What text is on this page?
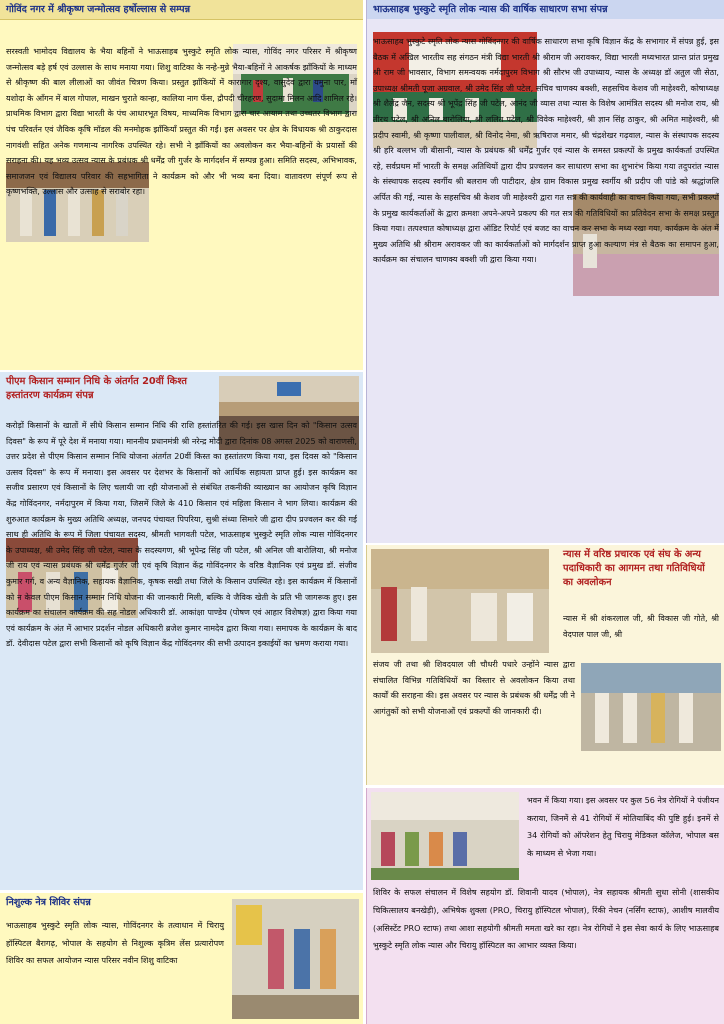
गोविंद नगर में श्रीकृष्ण जन्मोत्सव हर्षोल्लास से सम्पन्न
सरस्वती भामोदय विद्यालय के भैया बहिनों ने भाऊसाहब भुस्कुटे स्मृति लोक न्यास, गोविंद नगर परिसर में श्रीकृष्ण जन्मोत्सव बड़े हर्ष एवं उल्लास के साथ मनाया गया। शिशु वाटिका के नन्हे-मुन्ने भैया-बहिनों ने आकर्षक झाँकियों के माध्यम से श्रीकृष्ण की बाल लीलाओं का जीवंत चित्रण किया। प्रस्तुत झाँकियों में कारागार दृश्य, वासुदेव द्वारा यमुना पार, माँ यशोदा के आँगन में बाल गोपाल, माखन चुराते कान्हा, कालिया नाग फँस, द्रौपदी चीरहरण, सुदामा मिलन आदि शामिल रहे। प्राथमिक विभाग द्वारा विद्या भारती के पंच आधारभूत विषय, माध्यमिक विभाग द्वारा चार आयाम तथा उच्चतर विभाग द्वारा पंच परिवर्तन एवं जैविक कृषि मॉडल की मनमोहक झाँकियाँ प्रस्तुत की गईं। इस अवसर पर क्षेत्र के विधायक श्री ठाकुरदास नागवंशी सहित अनेक गणमान्य नागरिक उपस्थित रहे। सभी ने झाँकियों का अवलोकन कर भैया-बहिनों के प्रयासों की सराहना की। यह भव्य उत्सव न्यास के प्रबंधक श्री धर्मेंद्र जी गुर्जर के मार्गदर्शन में सम्पन्न हुआ। समिति सदस्य, अभिभावक, समाजजन एवं विद्यालय परिवार की सहभागिता ने कार्यक्रम को और भी भव्य बना दिया। वातावरण संपूर्ण रूप से कृष्णभक्ति, उल्लास और उत्साह से सराबोर रहा।
पीएम किसान सम्मान निधि के अंतर्गत 20वीं किश्त हस्तांतरण कार्यक्रम संपन्न
करोड़ों किसानों के खातों में सीधे किसान सम्मान निधि की राशि हस्तांतरित की गई। इस खास दिन को "किसान उत्सव दिवस" के रूप में पूरे देश में मनाया गया। माननीय प्रधानमंत्री श्री नरेन्द्र मोदी द्वारा दिनांक 08 अगस्त 2025 को वाराणसी, उत्तर प्रदेश से पीएम किसान सम्मान निधि योजना अंतर्गत 20वीं किस्त का हस्तांतरण किया गया, इस दिवस को "किसान उत्सव दिवस" के रूप में मनाया। इस अवसर पर देशभर के किसानों को आर्थिक सहायता प्राप्त हुई। इस कार्यक्रम का सजीव प्रसारण एवं किसानों के लिए चलायी जा रही योजनाओं से संबंधित तकनीकी व्याख्यान का आयोजन कृषि विज्ञान केंद्र गोविंदनगर, नर्मदापुरम में किया गया, जिसमें जिले के 410 किसान एवं महिला किसान ने भाग लिया। कार्यक्रम की शुरुआत कार्यक्रम के मुख्य अतिथि अध्यक्ष, जनपद पंचायत पिपरिया, सुश्री संध्या सिमारे जी द्वारा दीप प्रज्वलन कर की गई साथ ही अतिथि के रूप में जिला पंचायत सदस्य, श्रीमती भागवती पटेल, भाऊसाहब भुस्कुटे स्मृति लोक न्यास गोविंदनगर के उपाध्यक्ष, श्री उमेद सिंह जी पटेल, न्यास के सदस्यगण, श्री भूपेन्द्र सिंह जी पटेल, श्री अनिल जी बारोलिया, श्री मनोज जी राय एवं न्यास प्रबंधक श्री धर्मेंद्र गुर्जर जी एवं कृषि विज्ञान केंद्र गोविंदनगर के वरिष्ठ वैज्ञानिक एवं प्रमुख डॉ. संजीव कुमार गर्ग, व अन्य वैज्ञानिक, सहायक वैज्ञानिक, कृषक सखी तथा जिले के किसान उपस्थित रहे। इस कार्यक्रम में किसानों को न केवल पीएम किसान सम्मान निधि योजना की जानकारी मिली, बल्कि वे जैविक खेती के प्रति भी जागरूक हुए। इस कार्यक्रम का संचालन कार्यक्रम की सह नोडल अधिकारी डॉ. आकांक्षा पाण्डेय (पोषण एवं आहार विशेषज्ञ) द्वारा किया गया एवं कार्यक्रम के अंत में आभार प्रदर्शन नोडल अधिकारी ब्रजेश कुमार नामदेव द्वारा किया गया। समापक के कार्यक्रम के बाद डॉ. देवीदास पटेल द्वारा सभी किसानों को कृषि विज्ञान केंद्र गोविंदनगर की सभी उत्पादन इकाईयों का भ्रमण कराया गया।
निशुल्क नेत्र शिविर संपन्न
भाऊसाहब भुस्कुटे स्मृति लोक न्यास, गोविंदनगर के तत्वाधान में चिरायु हॉस्पिटल बैरागढ़, भोपाल के सहयोग से निशुल्क कृत्रिम लेंस प्रत्यारोपण शिविर का सफल आयोजन न्यास परिसर नवीन शिशु वाटिका
भाऊसाहब भुस्कुटे स्मृति लोक न्यास की वार्षिक साधारण सभा संपन्न
भाऊसाहब भुस्कुटे स्मृति लोक न्यास गोविंदनगर की वार्षिक साधारण सभा कृषि विज्ञान केंद्र के सभागार में संपन्न हुई, इस बैठक में अखिल भारतीय सह संगठन मंत्री विद्या भारती श्री श्रीराम जी अरावकर, विद्या भारती मध्यभारत प्रान्त प्रांत प्रमुख श्री राम जी भावसार, विभाग समन्वयक नर्मदापुरम विभाग श्री सौरभ जी उपाध्याय, न्यास के अध्यक्ष डॉ अतुल जी सेठा, उपाध्यक्ष श्रीमती पूजा अग्रवाल, श्री उमेद सिंह जी पटेल, सचिव चाणक्य बक्शी, सहसचिव केशव जी माहेश्वरी, कोषाध्यक्ष श्री शैलेंद्र जैन, सदस्य श्री भूपेंद्र सिंह जी पटेल, आनंद जी व्यास तथा न्यास के विशेष आमंत्रित सदस्य श्री मनोज राय, श्री तीरथ पटेल, श्री अनिल बारोलिया, श्री ललित पटेल, श्री विवेक माहेश्वरी, श्री ज्ञान सिंह ठाकुर, श्री अमित माहेश्वरी, श्री प्रदीप स्वामी, श्री कृष्णा पालीवाल, श्री विनोद नेमा, श्री ऋषिराज ममार, श्री चंद्रशेखर गढ़वाल, न्यास के संस्थापक सदस्य श्री हरि बल्लभ जी बीसानी, न्यास के प्रबंधक श्री धर्मेंद्र गुर्जर एवं न्यास के समस्त प्रकल्पों के प्रमुख कार्यकर्ता उपस्थित रहे, सर्वप्रथम माँ भारती के समक्ष अतिथियों द्वारा दीप प्रज्वलन कर साधारण सभा का शुभारंभ किया गया तदुपरांत न्यास के संस्थापक सदस्य स्वर्गीय श्री बलराम जी पाटीदार, क्षेत्र ग्राम विकास प्रमुख स्वर्गीय श्री प्रदीप जी पांडे को श्रद्धांजलि अर्पित की गई, न्यास के सहसचिव श्री केशव जी माहेश्वरी द्वारा गत सत्र की कार्यवाही का वाचन किया गया, सभी प्रकल्पों के प्रमुख कार्यकर्ताओं के द्वारा क्रमशः अपने-अपने प्रकल्प की गत सत्र की गतिविधियों का प्रतिवेदन सभा के समक्ष प्रस्तुत किया गया। तत्पश्चात कोषाध्यक्ष द्वारा ऑडिट रिपोर्ट एवं बजट का वाचन कर सभा के मध्य रखा गया, कार्यक्रम के अंत में मुख्य अतिथि श्री श्रीराम अरावकर जी का कार्यकर्ताओं को मार्गदर्शन प्राप्त हुआ कल्याण मंत्र से बैठक का समापन हुआ, कार्यक्रम का संचालन चाणक्य बक्शी जी द्वारा किया गया।
न्यास में वरिष्ठ प्रचारक एवं संघ के अन्य पदाधिकारी का आगमन तथा गतिविधियों का अवलोकन
न्यास में श्री शंकरलाल जी, श्री विकास जी गोते, श्री वेदपाल पाल जी, श्री
संजय जी तथा श्री शिवदयाल जी चौधरी पधारे उन्होंने न्यास द्वारा संचालित विभिन्न गतिविधियों का विस्तार से अवलोकन किया तथा कार्यों की सराहना की। इस अवसर पर न्यास के प्रबंधक श्री धर्मेंद्र जी ने आगंतुकों को सभी योजनाओं एवं प्रकल्पों की जानकारी दी।
भवन में किया गया। इस अवसर पर कुल 56 नेत्र रोगियों ने पंजीयन कराया, जिनमें से 41 रोगियों में मोतियाबिंद की पुष्टि हुई। इनमें से 34 रोगियों को ऑपरेशन हेतु चिरायु मेडिकल कॉलेज, भोपाल बस के माध्यम से भेजा गया।
शिविर के सफल संचालन में विशेष सहयोग डॉ. शिवानी यादव (भोपाल), नेत्र सहायक श्रीमती सुधा सोनी (शासकीय चिकित्सालय बनखेड़ी), अभिषेक शुक्ला (PRO, चिरायु हॉस्पिटल भोपाल), रिंकी नेचन (नर्सिंग स्टाफ), आशीष मालवीय (असिस्टेंट PRO स्टाफ) तथा आशा सहयोगी श्रीमती ममता खरे का रहा। नेत्र रोगियों ने इस सेवा कार्य के लिए भाऊसाहब भुस्कुटे स्मृति लोक न्यास और चिरायु हॉस्पिटल का आभार व्यक्त किया।
